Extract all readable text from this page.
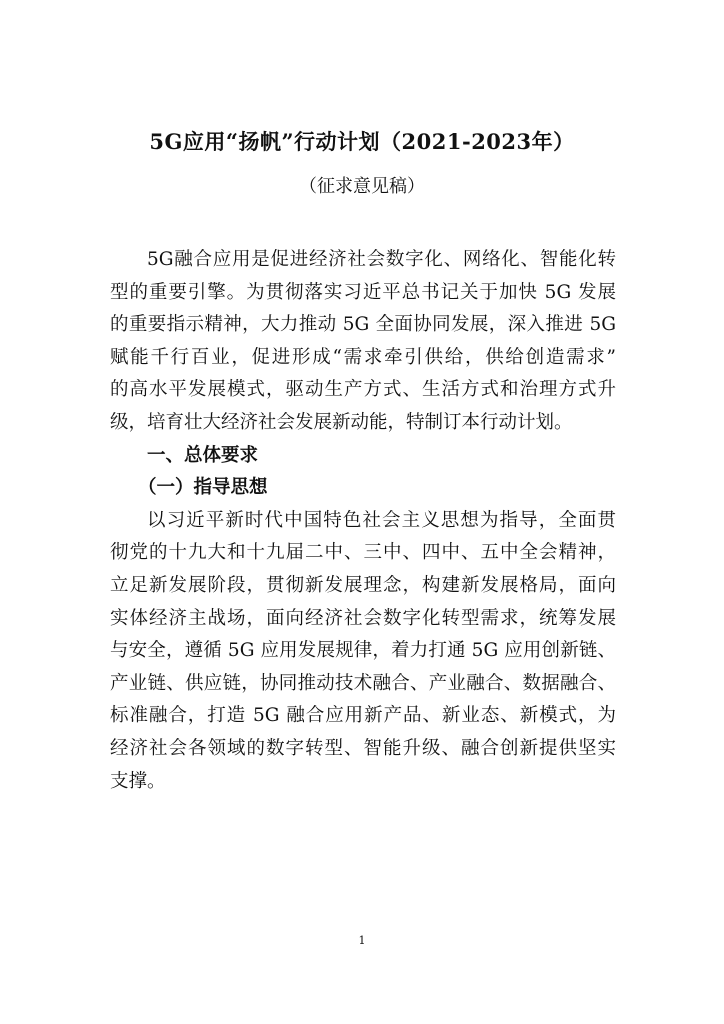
5G应用“扬帆”行动计划（2021-2023年）
（征求意见稿）
5G融合应用是促进经济社会数字化、网络化、智能化转
型的重要引擎。为贯彻落实习近平总书记关于加快 5G 发展
的重要指示精神，大力推动 5G 全面协同发展，深入推进 5G
赋能千行百业，促进形成“需求牵引供给，供给创造需求”
的高水平发展模式，驱动生产方式、生活方式和治理方式升
级，培育壮大经济社会发展新动能，特制订本行动计划。
一、总体要求
（一）指导思想
以习近平新时代中国特色社会主义思想为指导，全面贯
彻党的十九大和十九届二中、三中、四中、五中全会精神，
立足新发展阶段，贯彻新发展理念，构建新发展格局，面向
实体经济主战场，面向经济社会数字化转型需求，统筹发展
与安全，遵循 5G 应用发展规律，着力打通 5G 应用创新链、
产业链、供应链，协同推动技术融合、产业融合、数据融合、
标准融合，打造 5G 融合应用新产品、新业态、新模式，为
经济社会各领域的数字转型、智能升级、融合创新提供坚实
支撑。
1
